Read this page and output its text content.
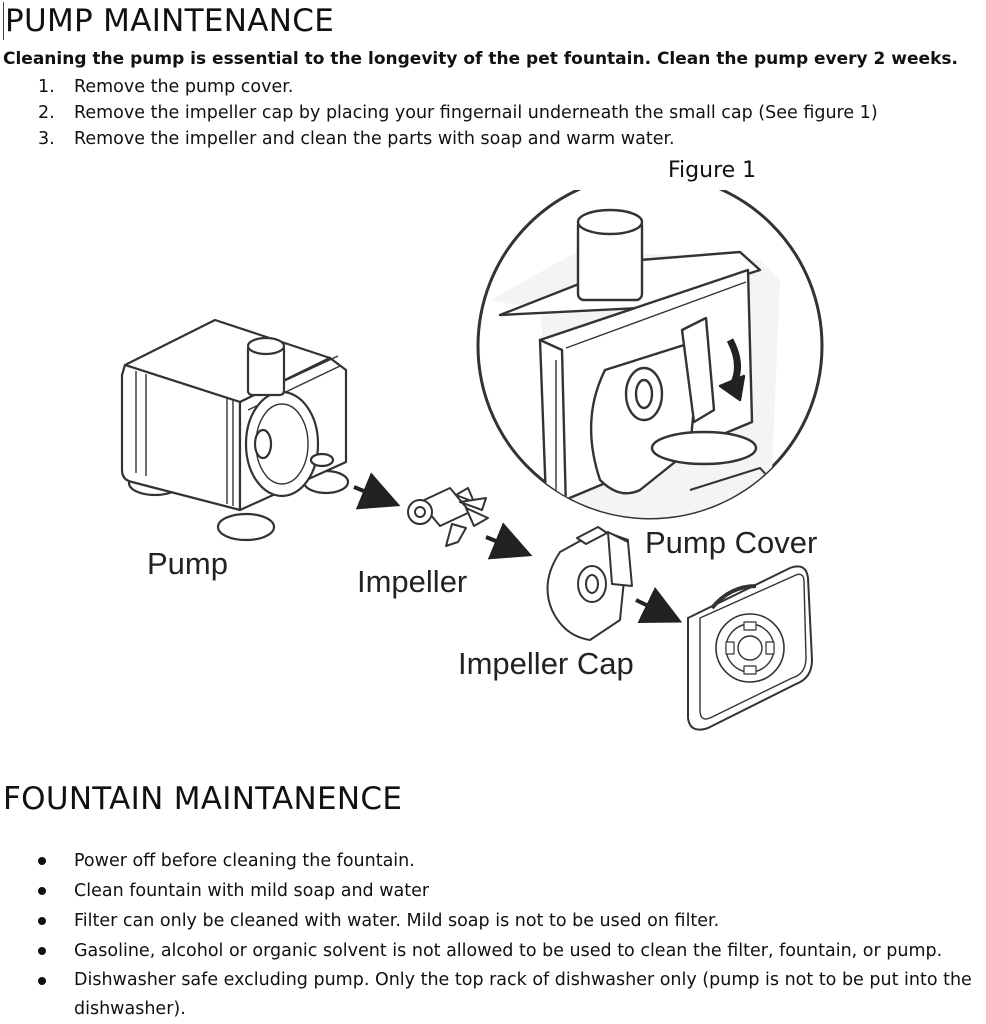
PUMP MAINTENANCE
Cleaning the pump is essential to the longevity of the pet fountain. Clean the pump every 2 weeks.
1.	Remove the pump cover.
2.	Remove the impeller cap by placing your fingernail underneath the small cap (See figure 1)
3.	Remove the impeller and clean the parts with soap and warm water.
Figure 1
Pump
Impeller
Impeller Cap
Pump Cover
FOUNTAIN MAINTANENCE
Power off before cleaning the fountain.
Clean fountain with mild soap and water
Filter can only be cleaned with water. Mild soap is not to be used on filter.
Gasoline, alcohol or organic solvent is not allowed to be used to clean the filter, fountain, or pump.
Dishwasher safe excluding pump. Only the top rack of dishwasher only (pump is not to be put into the dishwasher).
